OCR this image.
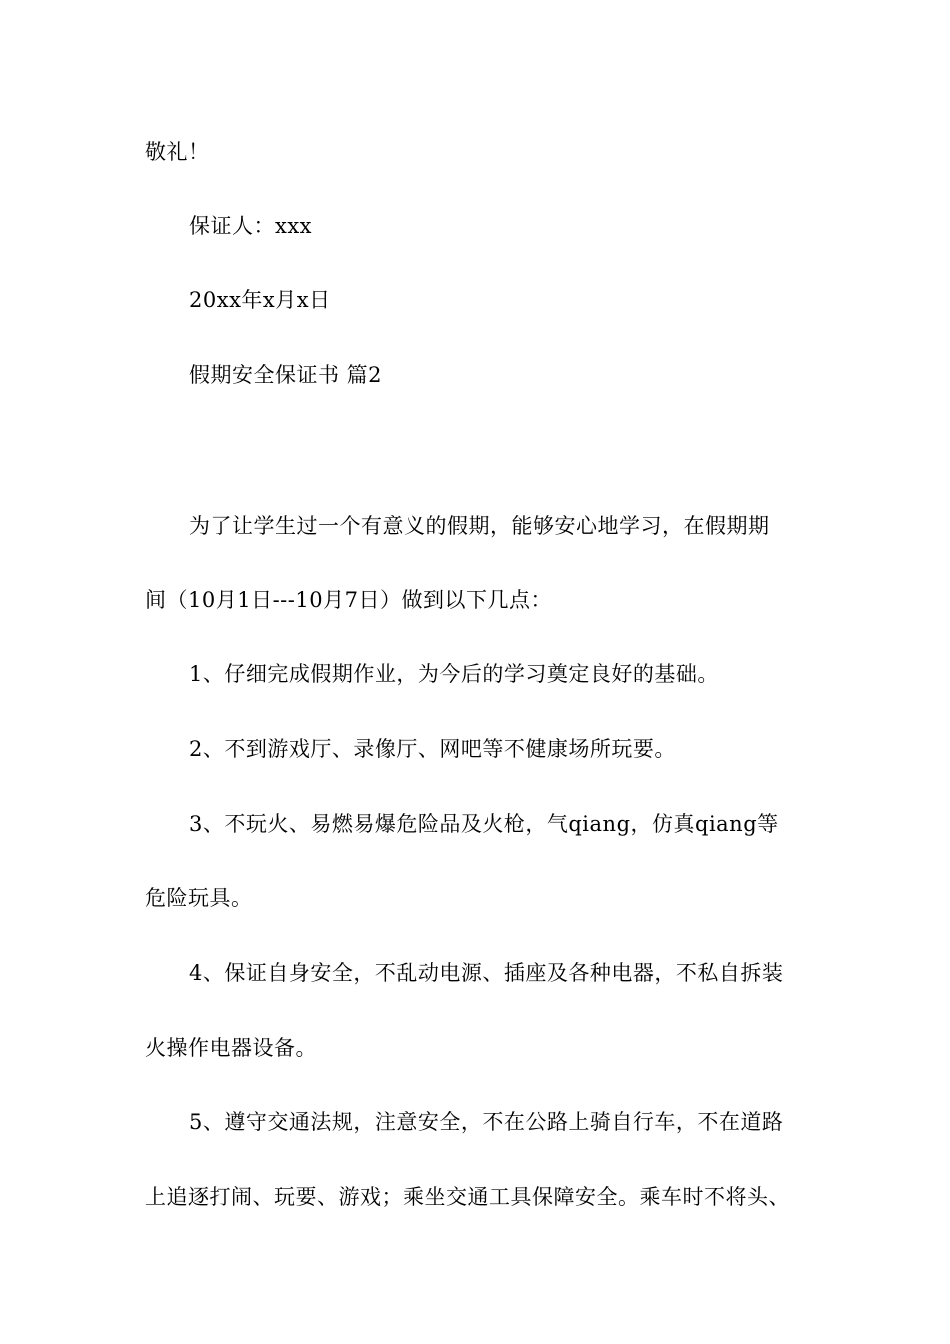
敬礼！
保证人：xxx
20xx年x月x日
假期安全保证书 篇2
为了让学生过一个有意义的假期，能够安心地学习，在假期期
间（10月1日---10月7日）做到以下几点：
1、仔细完成假期作业，为今后的学习奠定良好的基础。
2、不到游戏厅、录像厅、网吧等不健康场所玩要。
3、不玩火、易燃易爆危险品及火枪，气qiang，仿真qiang等
危险玩具。
4、保证自身安全，不乱动电源、插座及各种电器，不私自拆装
火操作电器设备。
5、遵守交通法规，注意安全，不在公路上骑自行车，不在道路
上追逐打闹、玩要、游戏；乘坐交通工具保障安全。乘车时不将头、
